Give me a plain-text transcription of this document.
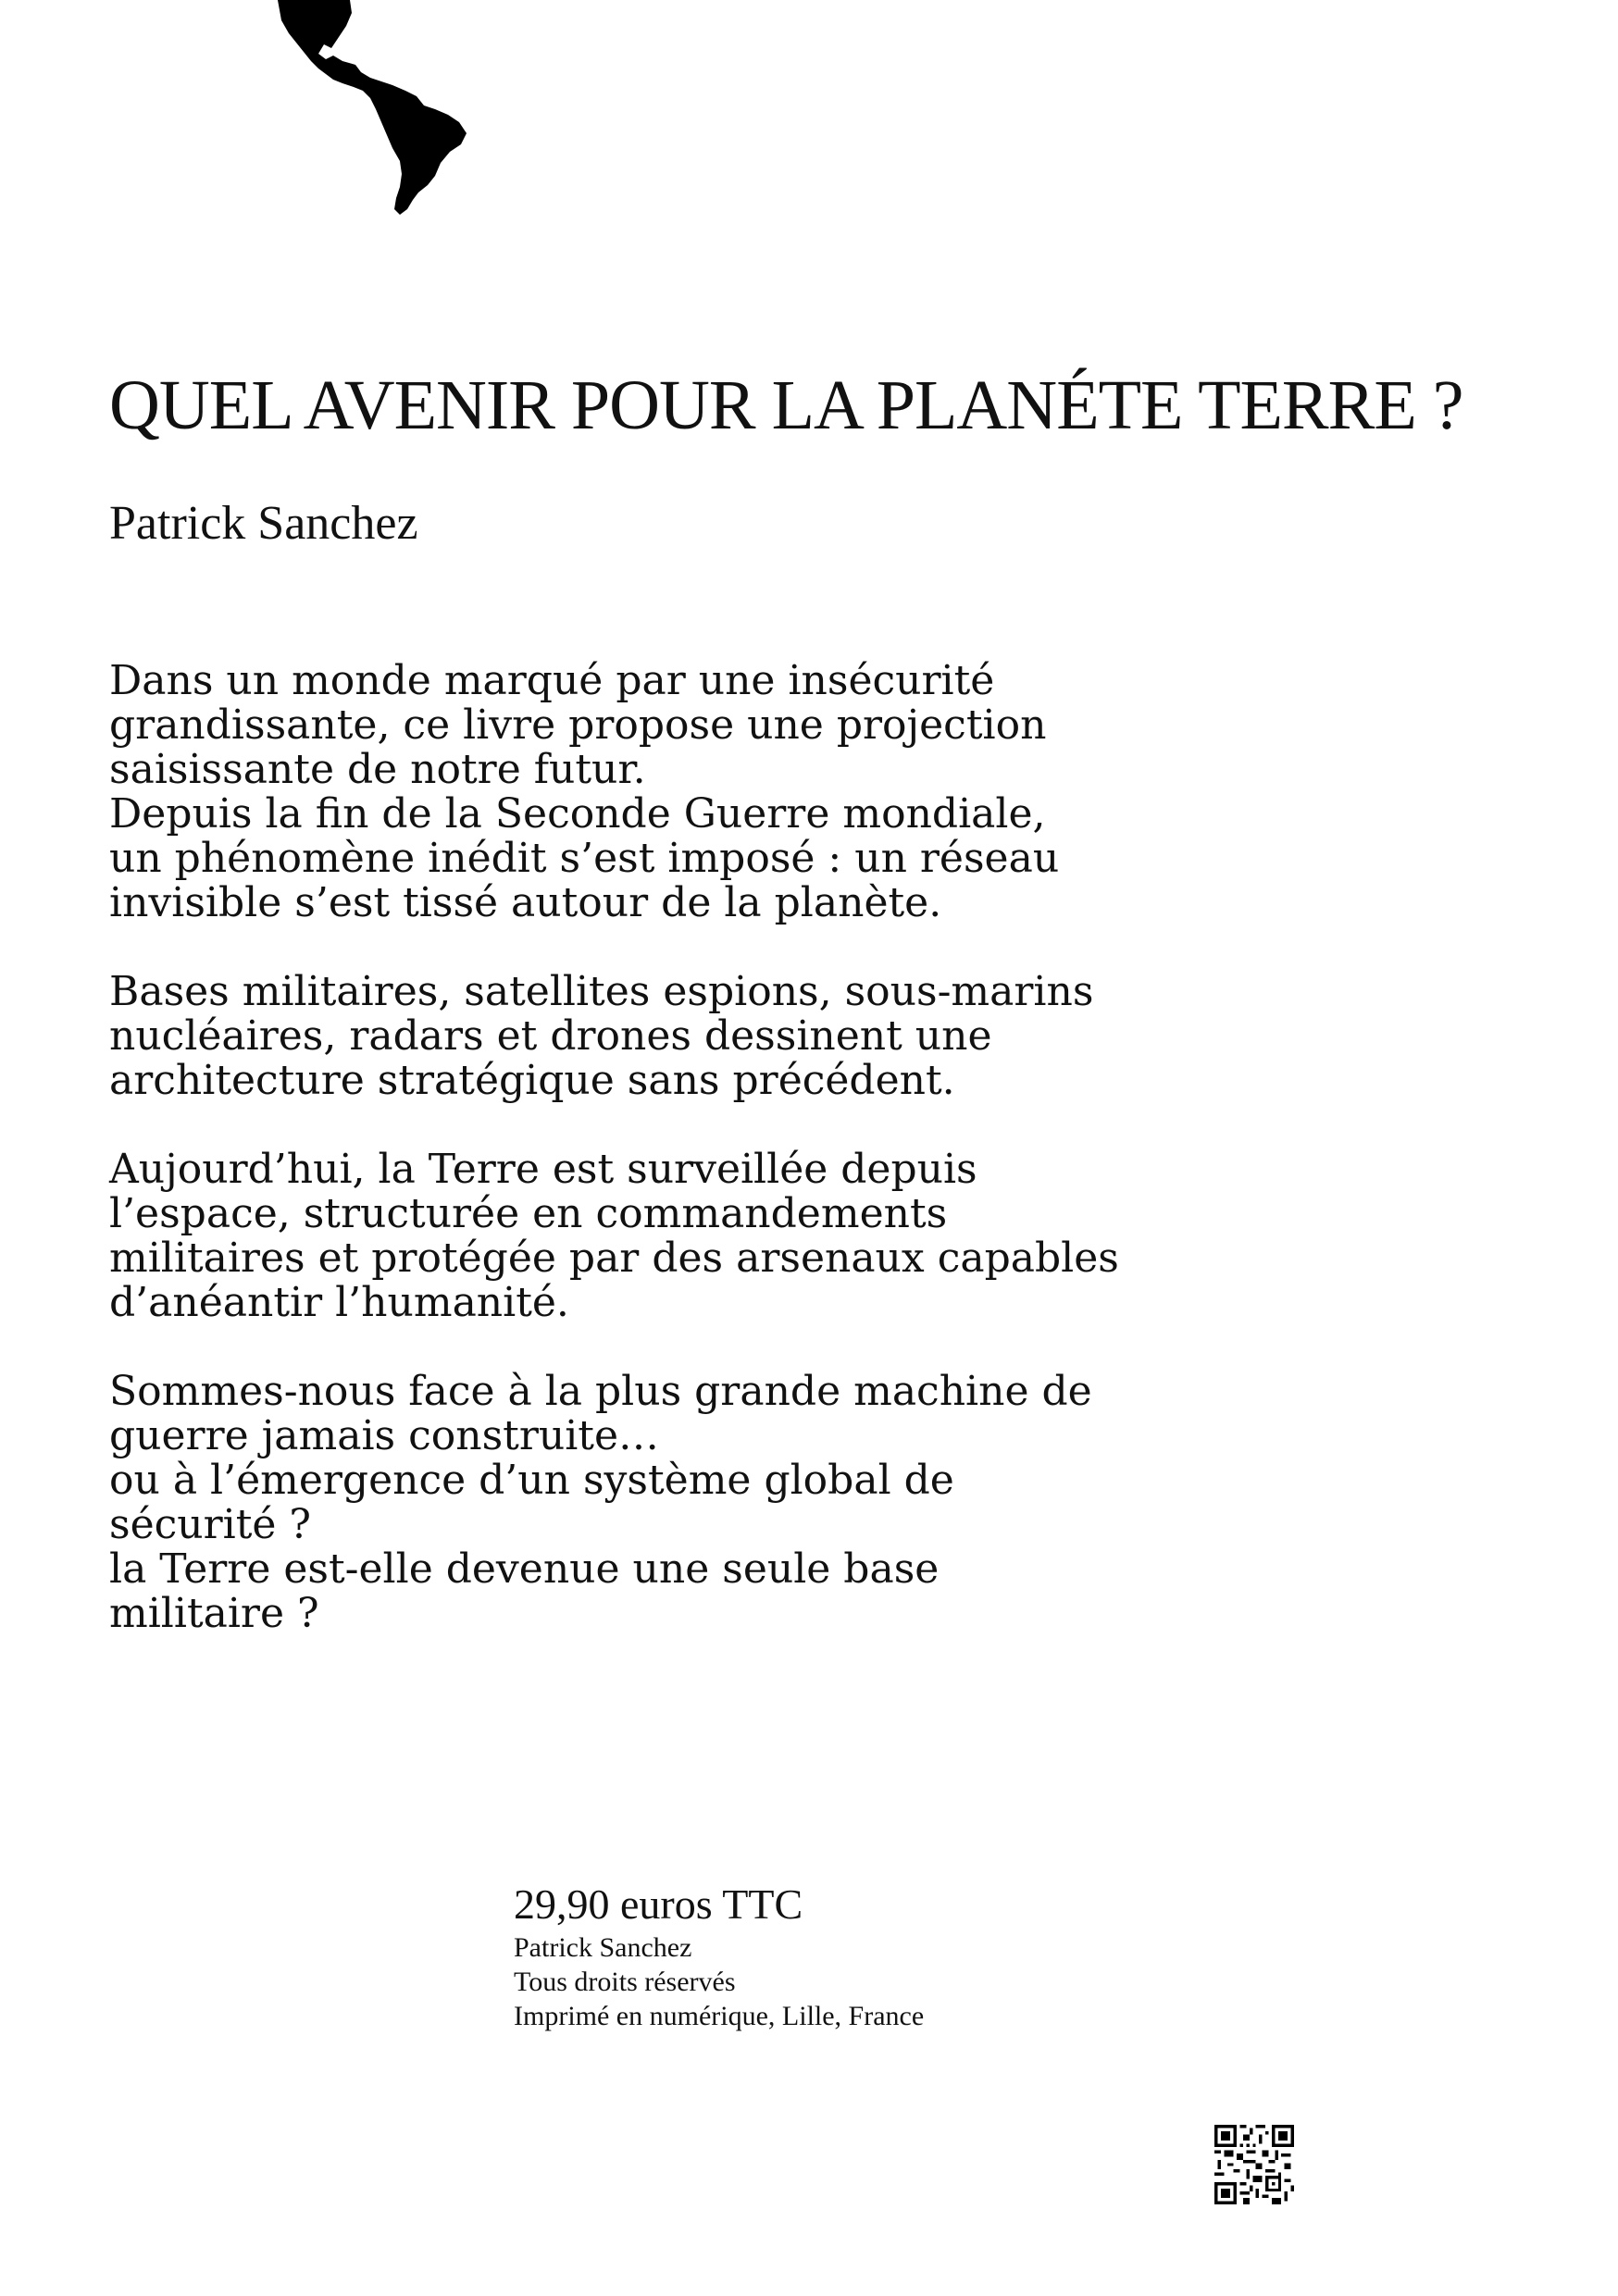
QUEL AVENIR POUR LA PLANÉTE TERRE ?

Patrick Sanchez

Dans un monde marqué par une insécurité
grandissante, ce livre propose une projection
saisissante de notre futur.
Depuis la fin de la Seconde Guerre mondiale,
un phénomène inédit s’est imposé : un réseau
invisible s’est tissé autour de la planète.

Bases militaires, satellites espions, sous-marins
nucléaires, radars et drones dessinent une
architecture stratégique sans précédent.

Aujourd’hui, la Terre est surveillée depuis
l’espace, structurée en commandements
militaires et protégée par des arsenaux capables
d’anéantir l’humanité.

Sommes-nous face à la plus grande machine de
guerre jamais construite…
ou à l’émergence d’un système global de
sécurité ?
la Terre est-elle devenue une seule base
militaire ?

29,90 euros TTC
Patrick Sanchez
Tous droits réservés
Imprimé en numérique, Lille, France
